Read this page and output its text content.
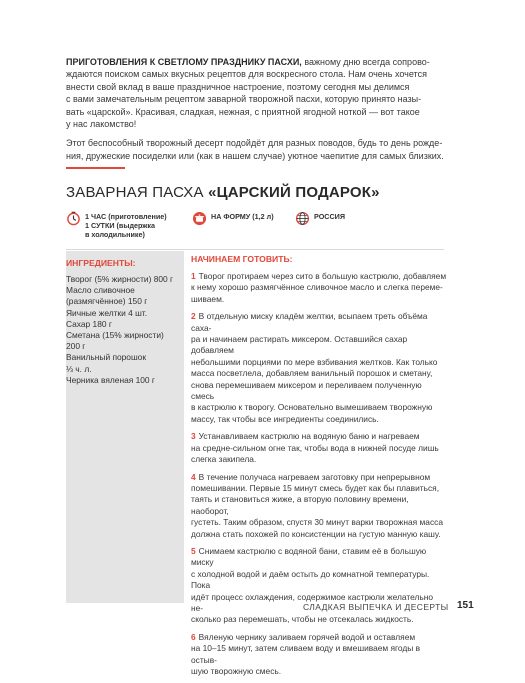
ПРИГОТОВЛЕНИЯ К СВЕТЛОМУ ПРАЗДНИКУ ПАСХИ, важному дню всегда сопрово-
ждаются поиском самых вкусных рецептов для воскресного стола. Нам очень хочется
внести свой вклад в ваше праздничное настроение, поэтому сегодня мы делимся
с вами замечательным рецептом заварной творожной пасхи, которую принято назы-
вать «царской». Красивая, сладкая, нежная, с приятной ягодной ноткой — вот такое
у нас лакомство!

Этот беспособный творожный десерт подойдёт для разных поводов, будь то день рожде-
ния, дружеские посиделки или (как в нашем случае) уютное чаепитие для самых близких.

ЗАВАРНАЯ ПАСХА «ЦАРСКИЙ ПОДАРОК»
1 ЧАС (приготовление)
1 СУТКИ (выдержка
в холодильнике)
НА ФОРМУ (1,2 л)	РОССИЯ
ИНГРЕДИЕНТЫ:
Творог (5% жирности) 800 г
Масло сливочное
(размягчённое) 150 г
Яичные желтки 4 шт.
Сахар 180 г
Сметана (15% жирности)
200 г
Ванильный порошок
⅓ ч. л.
Черника вяленая 100 г
НАЧИНАЕМ ГОТОВИТЬ:
1 Творог протираем через сито в большую кастрюлю, добавляем
к нему хорошо размягчённое сливочное масло и слегка переме-
шиваем.
2 В отдельную миску кладём желтки, всыпаем треть объёма саха-
ра и начинаем растирать миксером. Оставшийся сахар добавляем
небольшими порциями по мере взбивания желтков. Как только
масса посветлела, добавляем ванильный порошок и сметану,
снова перемешиваем миксером и переливаем полученную смесь
в кастрюлю к творогу. Основательно вымешиваем творожную
массу, так чтобы все ингредиенты соединились.
3 Устанавливаем кастрюлю на водяную баню и нагреваем
на средне-сильном огне так, чтобы вода в нижней посуде лишь
слегка закипела.
4 В течение получаса нагреваем заготовку при непрерывном
помешивании. Первые 15 минут смесь будет как бы плавиться,
таять и становиться жиже, а вторую половину времени, наоборот,
густеть. Таким образом, спустя 30 минут варки творожная масса
должна стать похожей по консистенции на густую манную кашу.
5 Снимаем кастрюлю с водяной бани, ставим её в большую миску
с холодной водой и даём остыть до комнатной температуры. Пока
идёт процесс охлаждения, содержимое кастрюли желательно не-
сколько раз перемешать, чтобы не отсекалась жидкость.
6 Вяленую чернику заливаем горячей водой и оставляем
на 10–15 минут, затем сливаем воду и вмешиваем ягоды в остыв-
шую творожную смесь.
СЛАДКАЯ ВЫПЕЧКА И ДЕСЕРТЫ 151
